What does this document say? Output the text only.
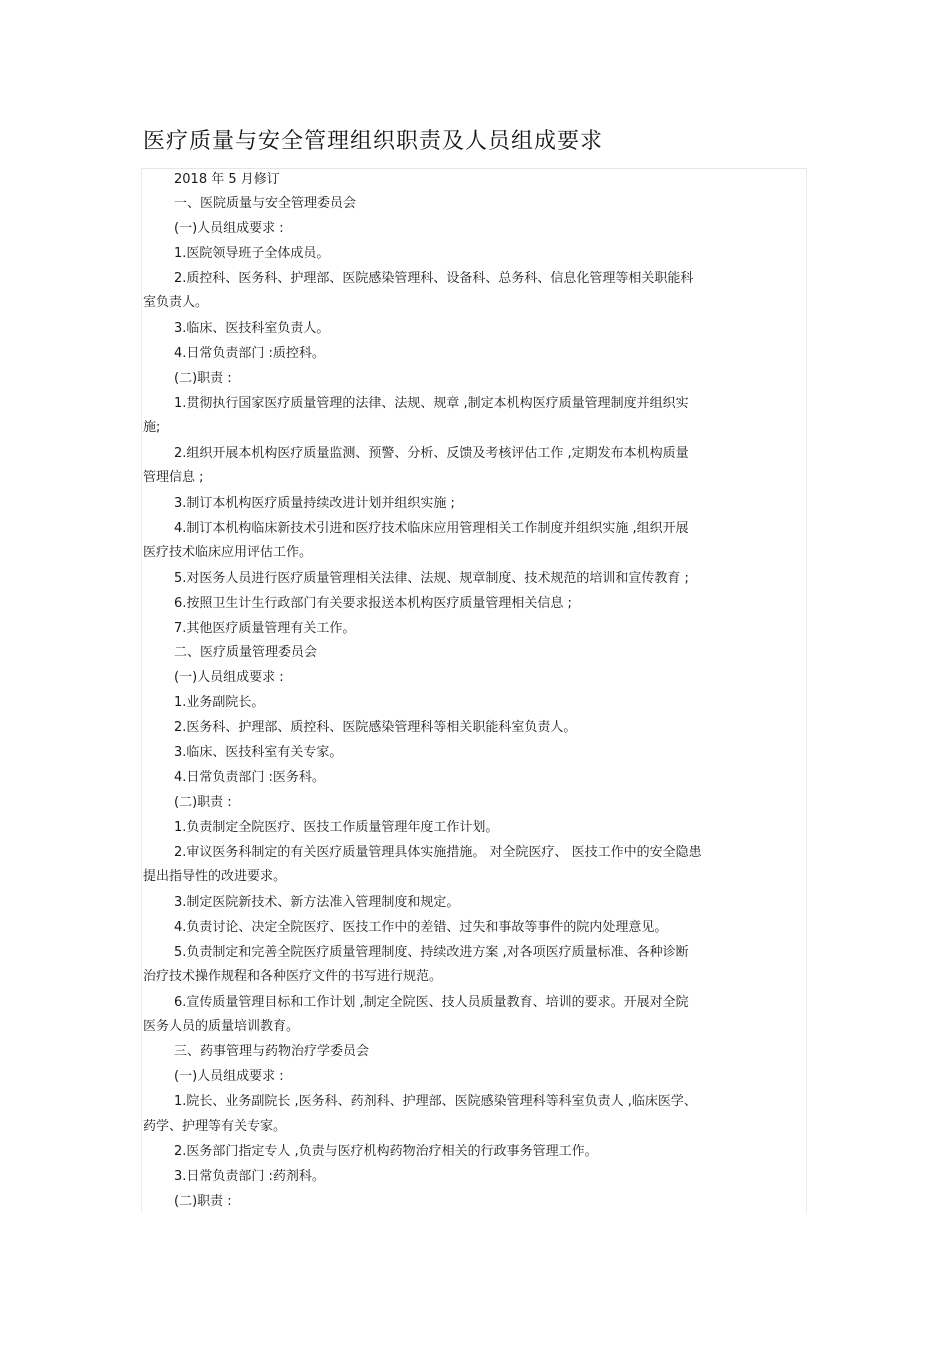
医疗质量与安全管理组织职责及人员组成要求
2018 年 5 月修订
一、医院质量与安全管理委员会
(一)人员组成要求 :
1.医院领导班子全体成员。
2.质控科、医务科、护理部、医院感染管理科、设备科、总务科、信息化管理等相关职能科
室负责人。
3.临床、医技科室负责人。
4.日常负责部门 :质控科。
(二)职责 :
1.贯彻执行国家医疗质量管理的法律、法规、规章 ,制定本机构医疗质量管理制度并组织实
施;
2.组织开展本机构医疗质量监测、预警、分析、反馈及考核评估工作 ,定期发布本机构质量
管理信息 ;
3.制订本机构医疗质量持续改进计划并组织实施 ;
4.制订本机构临床新技术引进和医疗技术临床应用管理相关工作制度并组织实施 ,组织开展
医疗技术临床应用评估工作。
5.对医务人员进行医疗质量管理相关法律、法规、规章制度、技术规范的培训和宣传教育 ;
6.按照卫生计生行政部门有关要求报送本机构医疗质量管理相关信息 ;
7.其他医疗质量管理有关工作。
二、医疗质量管理委员会
(一)人员组成要求 :
1.业务副院长。
2.医务科、护理部、质控科、医院感染管理科等相关职能科室负责人。
3.临床、医技科室有关专家。
4.日常负责部门 :医务科。
(二)职责 :
1.负责制定全院医疗、医技工作质量管理年度工作计划。
2.审议医务科制定的有关医疗质量管理具体实施措施。 对全院医疗、 医技工作中的安全隐患
提出指导性的改进要求。
3.制定医院新技术、新方法准入管理制度和规定。
4.负责讨论、决定全院医疗、医技工作中的差错、过失和事故等事件的院内处理意见。
5.负责制定和完善全院医疗质量管理制度、持续改进方案 ,对各项医疗质量标准、各种诊断
治疗技术操作规程和各种医疗文件的书写进行规范。
6.宣传质量管理目标和工作计划 ,制定全院医、技人员质量教育、培训的要求。开展对全院
医务人员的质量培训教育。
三、药事管理与药物治疗学委员会
(一)人员组成要求 :
1.院长、业务副院长 ,医务科、药剂科、护理部、医院感染管理科等科室负责人 ,临床医学、
药学、护理等有关专家。
2.医务部门指定专人 ,负责与医疗机构药物治疗相关的行政事务管理工作。
3.日常负责部门 :药剂科。
(二)职责 :
